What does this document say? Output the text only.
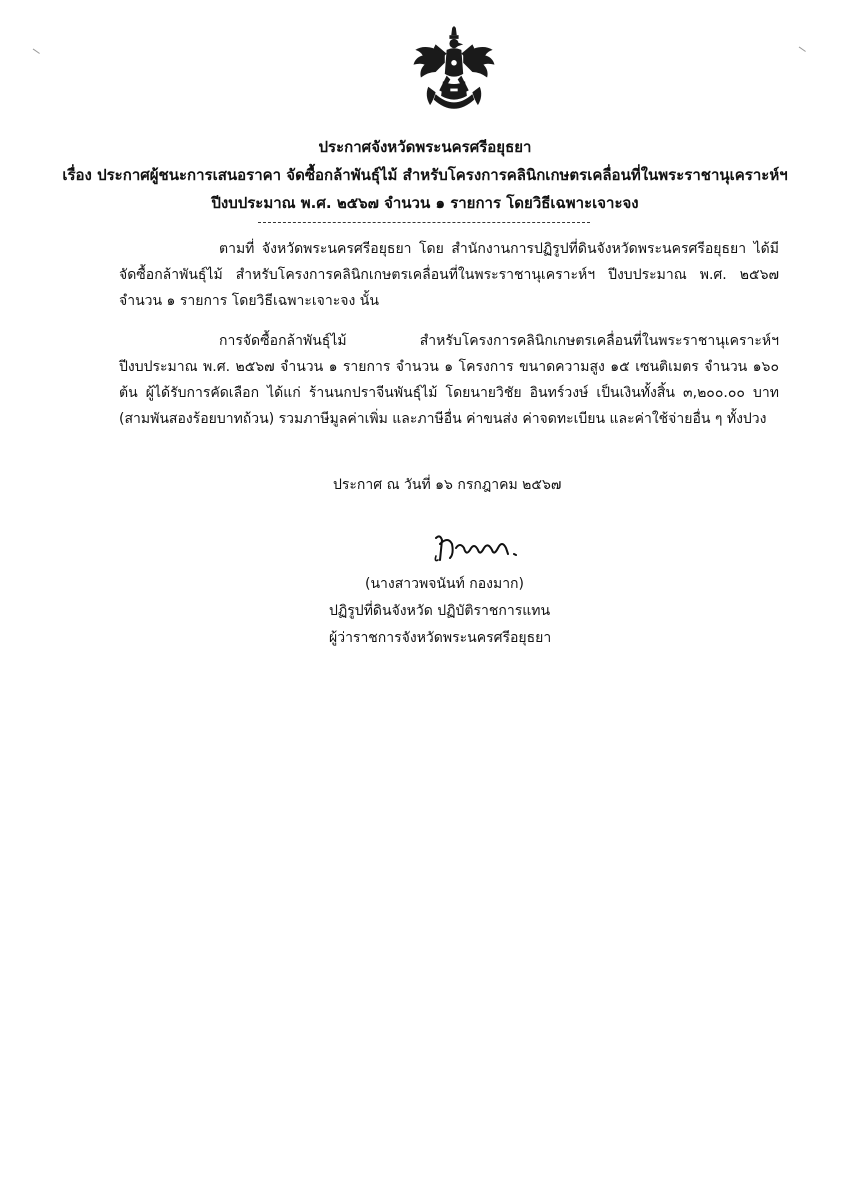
ประกาศจังหวัดพระนครศรีอยุธยา
เรื่อง ประกาศผู้ชนะการเสนอราคา จัดซื้อกล้าพันธุ์ไม้ สำหรับโครงการคลินิกเกษตรเคลื่อนที่ในพระราชานุเคราะห์ฯ
ปีงบประมาณ พ.ศ. ๒๕๖๗ จำนวน ๑ รายการ โดยวิธีเฉพาะเจาะจง
ตามที่ จังหวัดพระนครศรีอยุธยา โดย สำนักงานการปฏิรูปที่ดินจังหวัดพระนครศรีอยุธยา ได้มีจัดซื้อกล้าพันธุ์ไม้ สำหรับโครงการคลินิกเกษตรเคลื่อนที่ในพระราชานุเคราะห์ฯ ปีงบประมาณ พ.ศ. ๒๕๖๗ จำนวน ๑ รายการ โดยวิธีเฉพาะเจาะจง นั้น
การจัดซื้อกล้าพันธุ์ไม้ สำหรับโครงการคลินิกเกษตรเคลื่อนที่ในพระราชานุเคราะห์ฯ ปีงบประมาณ พ.ศ. ๒๕๖๗ จำนวน ๑ รายการ จำนวน ๑ โครงการ ขนาดความสูง ๑๕ เซนติเมตร จำนวน ๑๖๐ ต้น ผู้ได้รับการคัดเลือก ได้แก่ ร้านนกปราจีนพันธุ์ไม้ โดยนายวิชัย อินทร์วงษ์ เป็นเงินทั้งสิ้น ๓,๒๐๐.๐๐ บาท (สามพันสองร้อยบาทถ้วน) รวมภาษีมูลค่าเพิ่ม และภาษีอื่น ค่าขนส่ง ค่าจดทะเบียน และค่าใช้จ่ายอื่น ๆ ทั้งปวง
ประกาศ ณ วันที่ ๑๖ กรกฎาคม ๒๕๖๗
(นางสาวพจนันท์ กองมาก)
ปฏิรูปที่ดินจังหวัด ปฏิบัติราชการแทน
ผู้ว่าราชการจังหวัดพระนครศรีอยุธยา
